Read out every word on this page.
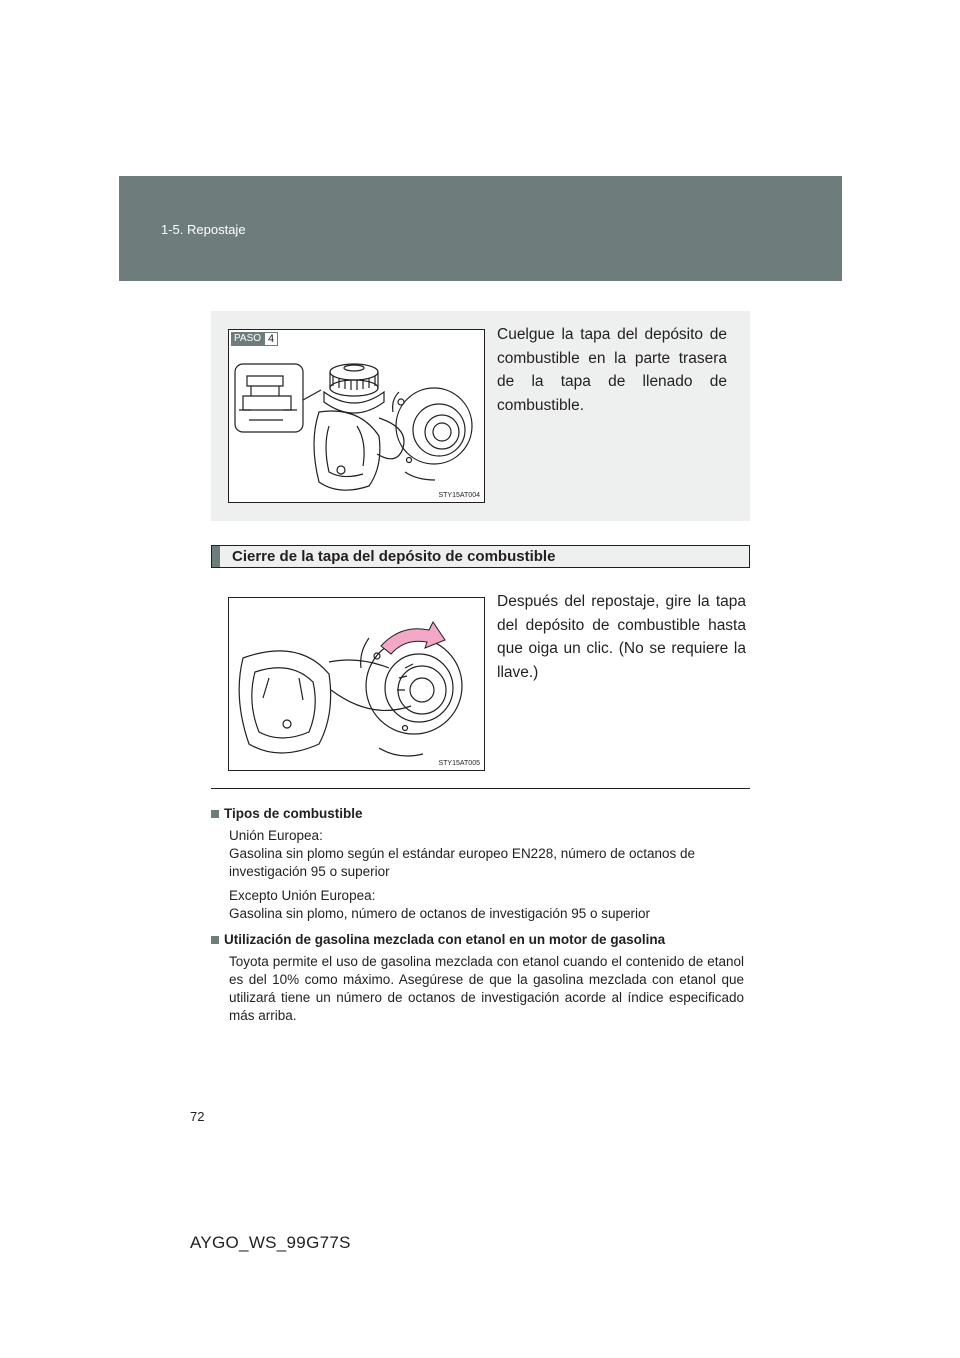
1-5. Repostaje
PASO 4
STY15AT004
Cuelgue la tapa del depósito de combustible en la parte trasera de la tapa de llenado de combustible.
Cierre de la tapa del depósito de combustible
STY15AT005
Después del repostaje, gire la tapa del depósito de combustible hasta que oiga un clic. (No se requiere la llave.)
Tipos de combustible
Unión Europea:
Gasolina sin plomo según el estándar europeo EN228, número de octanos de investigación 95 o superior
Excepto Unión Europea:
Gasolina sin plomo, número de octanos de investigación 95 o superior
Utilización de gasolina mezclada con etanol en un motor de gasolina
Toyota permite el uso de gasolina mezclada con etanol cuando el contenido de etanol es del 10% como máximo. Asegúrese de que la gasolina mezclada con etanol que utilizará tiene un número de octanos de investigación acorde al índice especificado más arriba.
72
AYGO_WS_99G77S
